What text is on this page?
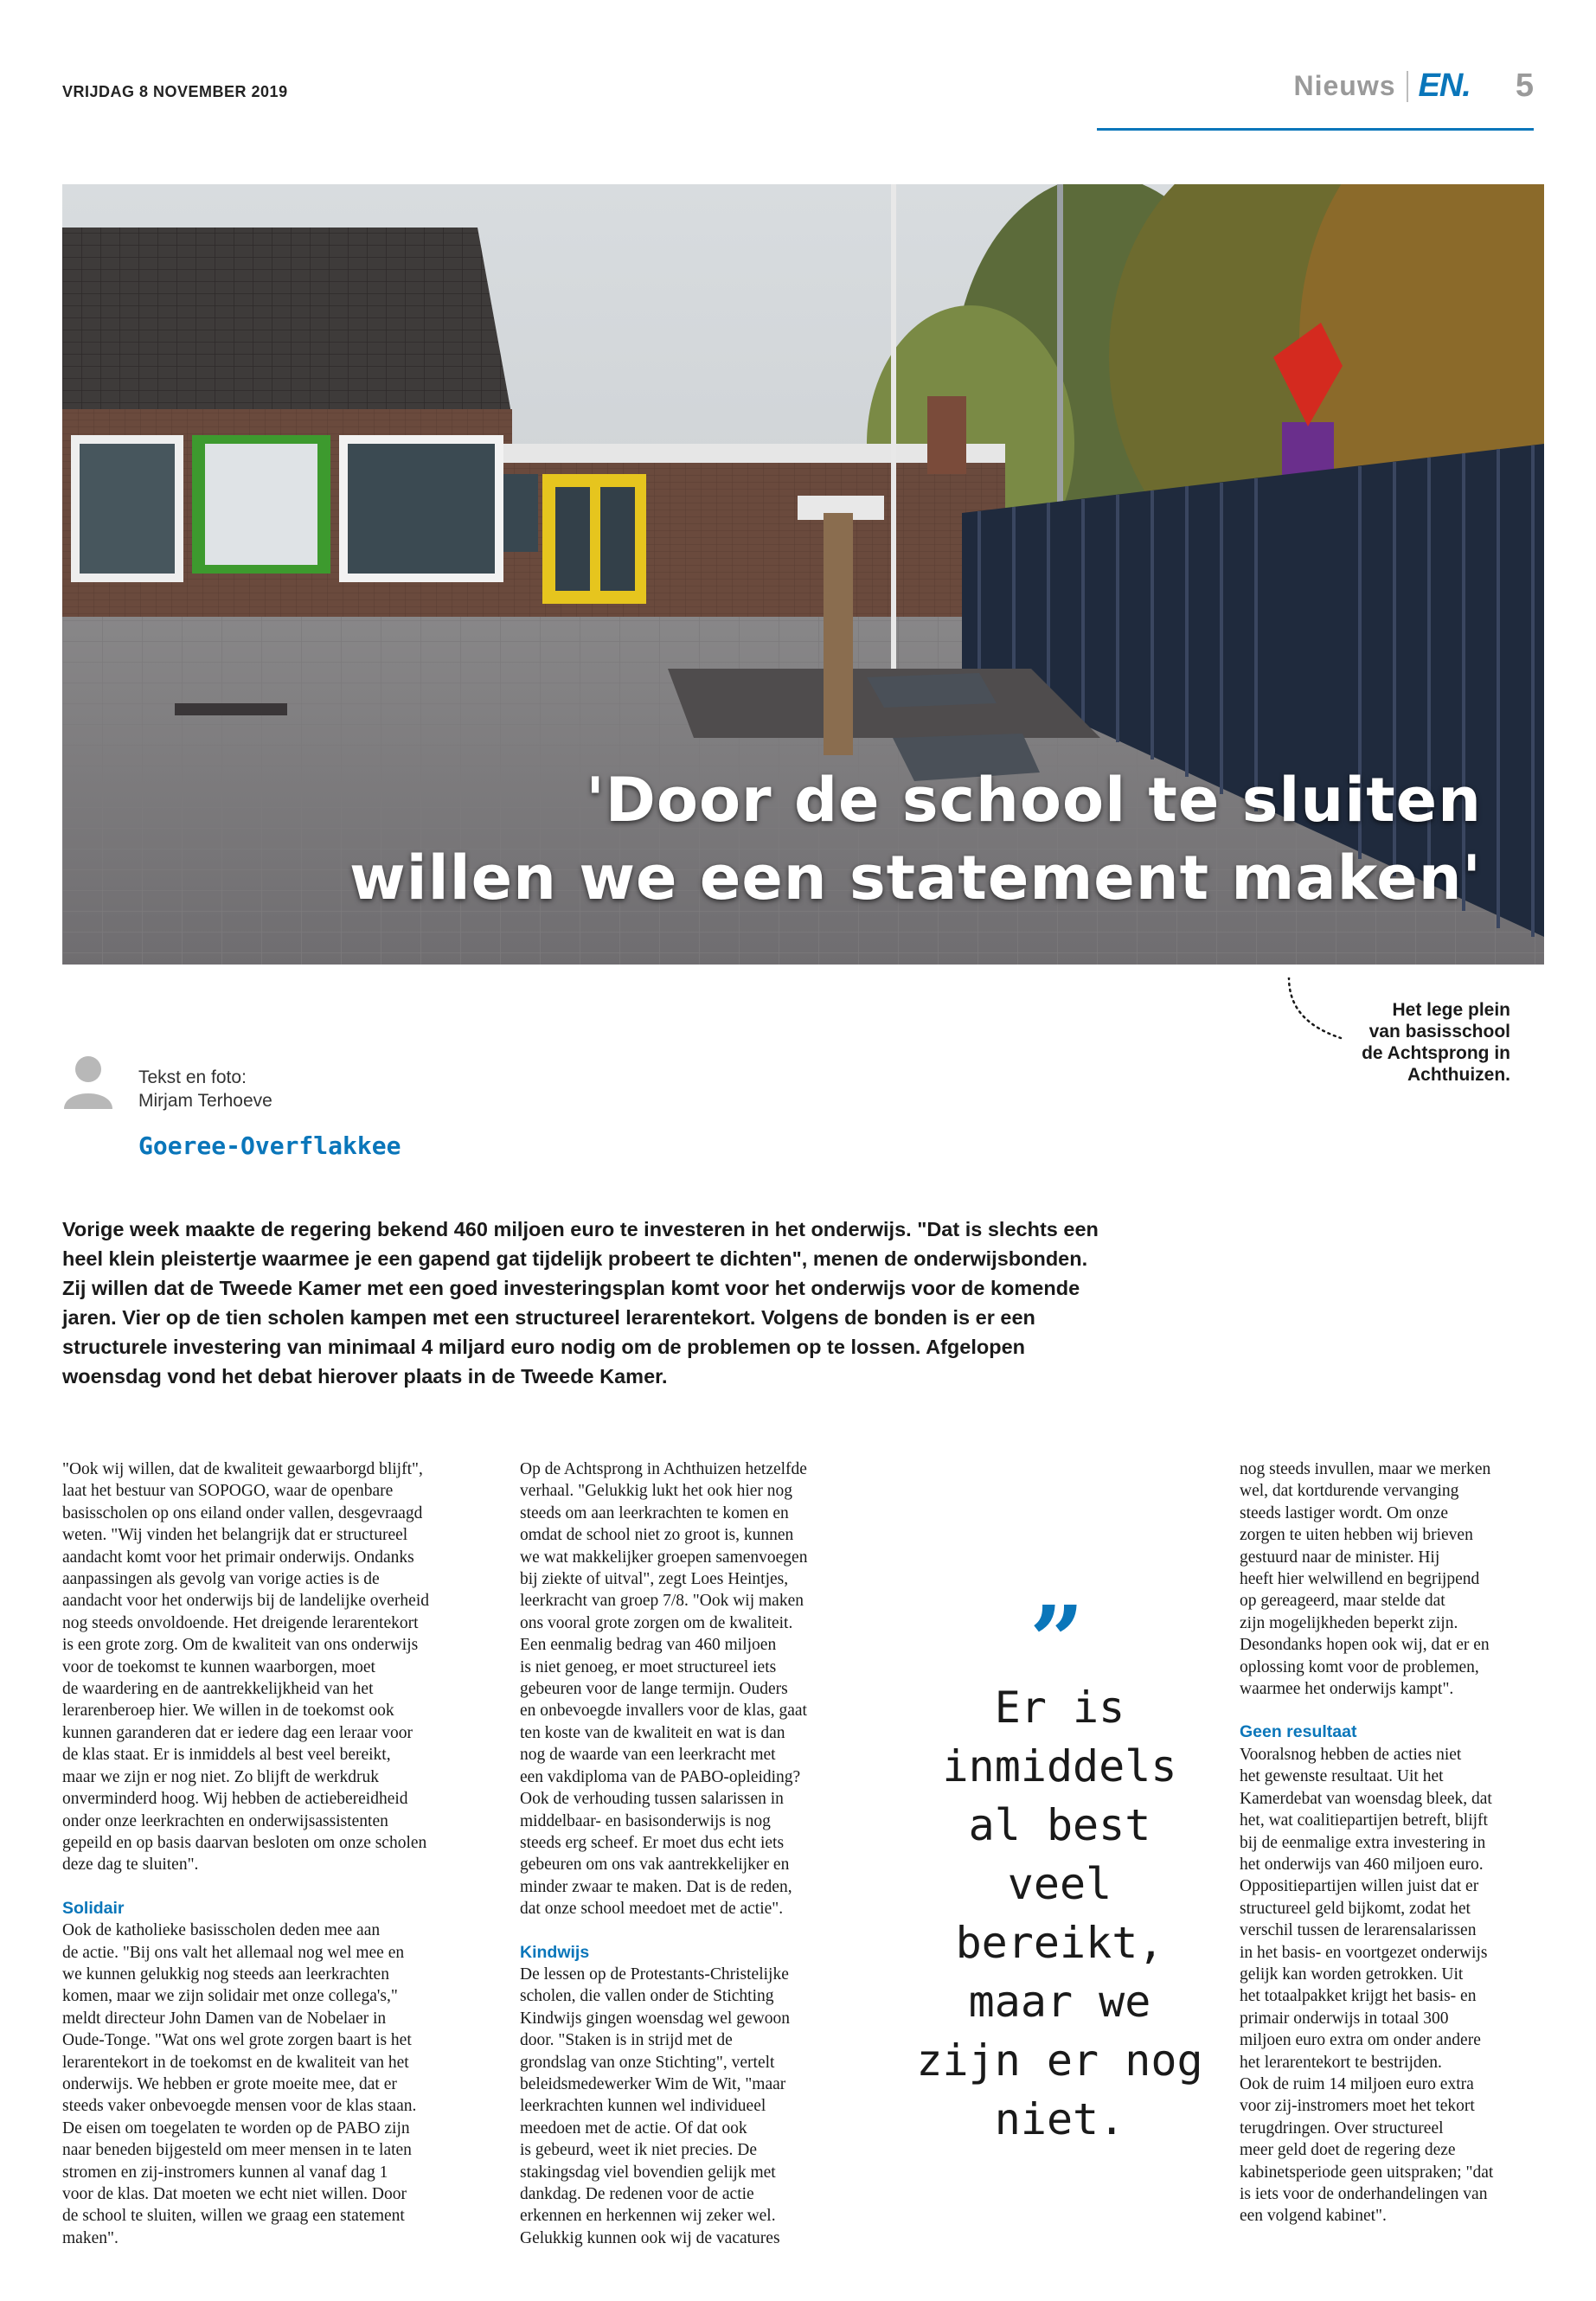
VRIJDAG 8 NOVEMBER 2019	Nieuws EN. 5
'Door de school te sluiten
willen we een statement maken'
Het lege plein
van basisschool
de Achtsprong in
Achthuizen.
Tekst en foto:
Mirjam Terhoeve
Goeree-Overflakkee
Vorige week maakte de regering bekend 460 miljoen euro te investeren in het onderwijs. "Dat is slechts een
heel klein pleistertje waarmee je een gapend gat tijdelijk probeert te dichten", menen de onderwijsbonden.
Zij willen dat de Tweede Kamer met een goed investeringsplan komt voor het onderwijs voor de komende
jaren. Vier op de tien scholen kampen met een structureel lerarentekort. Volgens de bonden is er een
structurele investering van minimaal 4 miljard euro nodig om de problemen op te lossen. Afgelopen
woensdag vond het debat hierover plaats in de Tweede Kamer.
"Ook wij willen, dat de kwaliteit gewaarborgd blijft",
laat het bestuur van SOPOGO, waar de openbare
basisscholen op ons eiland onder vallen, desgevraagd
weten. "Wij vinden het belangrijk dat er structureel
aandacht komt voor het primair onderwijs. Ondanks
aanpassingen als gevolg van vorige acties is de
aandacht voor het onderwijs bij de landelijke overheid
nog steeds onvoldoende. Het dreigende lerarentekort
is een grote zorg. Om de kwaliteit van ons onderwijs
voor de toekomst te kunnen waarborgen, moet
de waardering en de aantrekkelijkheid van het
lerarenberoep hier. We willen in de toekomst ook
kunnen garanderen dat er iedere dag een leraar voor
de klas staat. Er is inmiddels al best veel bereikt,
maar we zijn er nog niet. Zo blijft de werkdruk
onverminderd hoog. Wij hebben de actiebereidheid
onder onze leerkrachten en onderwijsassistenten
gepeild en op basis daarvan besloten om onze scholen
deze dag te sluiten".

Solidair

Ook de katholieke basisscholen deden mee aan
de actie. "Bij ons valt het allemaal nog wel mee en
we kunnen gelukkig nog steeds aan leerkrachten
komen, maar we zijn solidair met onze collega's,"
meldt directeur John Damen van de Nobelaer in
Oude-Tonge. "Wat ons wel grote zorgen baart is het
lerarentekort in de toekomst en de kwaliteit van het
onderwijs. We hebben er grote moeite mee, dat er
steeds vaker onbevoegde mensen voor de klas staan.
De eisen om toegelaten te worden op de PABO zijn
naar beneden bijgesteld om meer mensen in te laten
stromen en zij-instromers kunnen al vanaf dag 1
voor de klas. Dat moeten we echt niet willen. Door
de school te sluiten, willen we graag een statement
maken".
Op de Achtsprong in Achthuizen hetzelfde
verhaal. "Gelukkig lukt het ook hier nog
steeds om aan leerkrachten te komen en
omdat de school niet zo groot is, kunnen
we wat makkelijker groepen samenvoegen
bij ziekte of uitval", zegt Loes Heintjes,
leerkracht van groep 7/8. "Ook wij maken
ons vooral grote zorgen om de kwaliteit.
Een eenmalig bedrag van 460 miljoen
is niet genoeg, er moet structureel iets
gebeuren voor de lange termijn. Ouders
en onbevoegde invallers voor de klas, gaat
ten koste van de kwaliteit en wat is dan
nog de waarde van een leerkracht met
een vakdiploma van de PABO-opleiding?
Ook de verhouding tussen salarissen in
middelbaar- en basisonderwijs is nog
steeds erg scheef. Er moet dus echt iets
gebeuren om ons vak aantrekkelijker en
minder zwaar te maken. Dat is de reden,
dat onze school meedoet met de actie".

Kindwijs

De lessen op de Protestants-Christelijke
scholen, die vallen onder de Stichting
Kindwijs gingen woensdag wel gewoon
door. "Staken is in strijd met de
grondslag van onze Stichting", vertelt
beleidsmedewerker Wim de Wit, "maar
leerkrachten kunnen wel individueel
meedoen met de actie. Of dat ook
is gebeurd, weet ik niet precies. De
stakingsdag viel bovendien gelijk met
dankdag. De redenen voor de actie
erkennen en herkennen wij zeker wel.
Gelukkig kunnen ook wij de vacatures
”
Er is
inmiddels
al best veel
bereikt,
maar we
zijn er nog
niet.
nog steeds invullen, maar we merken
wel, dat kortdurende vervanging
steeds lastiger wordt. Om onze
zorgen te uiten hebben wij brieven
gestuurd naar de minister. Hij
heeft hier welwillend en begrijpend
op gereageerd, maar stelde dat
zijn mogelijkheden beperkt zijn.
Desondanks hopen ook wij, dat er en
oplossing komt voor de problemen,
waarmee het onderwijs kampt".

Geen resultaat

Vooralsnog hebben de acties niet
het gewenste resultaat. Uit het
Kamerdebat van woensdag bleek, dat
het, wat coalitiepartijen betreft, blijft
bij de eenmalige extra investering in
het onderwijs van 460 miljoen euro.
Oppositiepartijen willen juist dat er
structureel geld bijkomt, zodat het
verschil tussen de lerarensalarissen
in het basis- en voortgezet onderwijs
gelijk kan worden getrokken. Uit
het totaalpakket krijgt het basis- en
primair onderwijs in totaal 300
miljoen euro extra om onder andere
het lerarentekort te bestrijden.
Ook de ruim 14 miljoen euro extra
voor zij-instromers moet het tekort
terugdringen. Over structureel
meer geld doet de regering deze
kabinetsperiode geen uitspraken; "dat
is iets voor de onderhandelingen van
een volgend kabinet".
